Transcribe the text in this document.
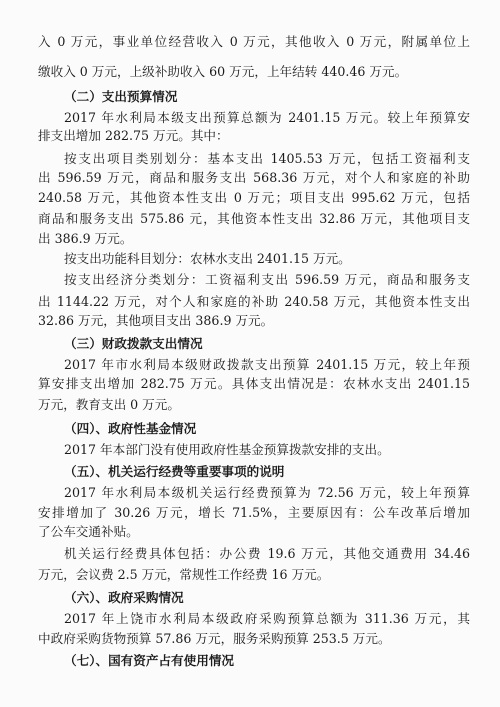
入 0 万元，事业单位经营收入 0 万元，其他收入 0 万元，附属单位上
缴收入 0 万元，上级补助收入 60 万元，上年结转 440.46 万元。
（二）支出预算情况
2017 年水利局本级支出预算总额为 2401.15 万元。较上年预算安
排支出增加 282.75 万元。其中：
按支出项目类别划分：基本支出 1405.53 万元，包括工资福利支
出 596.59 万元，商品和服务支出 568.36 万元，对个人和家庭的补助
240.58 万元，其他资本性支出 0 万元；项目支出 995.62 万元，包括
商品和服务支出 575.86 元，其他资本性支出 32.86 万元，其他项目支
出 386.9 万元。
按支出功能科目划分：农林水支出 2401.15 万元。
按支出经济分类划分：工资福利支出 596.59 万元，商品和服务支
出 1144.22 万元，对个人和家庭的补助 240.58 万元，其他资本性支出
32.86 万元，其他项目支出 386.9 万元。
（三）财政拨款支出情况
2017 年市水利局本级财政拨款支出预算 2401.15 万元，较上年预
算安排支出增加 282.75 万元。具体支出情况是：农林水支出 2401.15
万元，教育支出 0 万元。
（四）、政府性基金情况
2017 年本部门没有使用政府性基金预算拨款安排的支出。
（五）、机关运行经费等重要事项的说明
2017 年水利局本级机关运行经费预算为 72.56 万元，较上年预算
安排增加了 30.26 万元，增长 71.5%，主要原因有：公车改革后增加
了公车交通补贴。
机关运行经费具体包括：办公费 19.6 万元，其他交通费用 34.46
万元，会议费 2.5 万元，常规性工作经费 16 万元。
（六）、政府采购情况
2017 年上饶市水利局本级政府采购预算总额为 311.36 万元，其
中政府采购货物预算 57.86 万元，服务采购预算 253.5 万元。
（七）、国有资产占有使用情况
